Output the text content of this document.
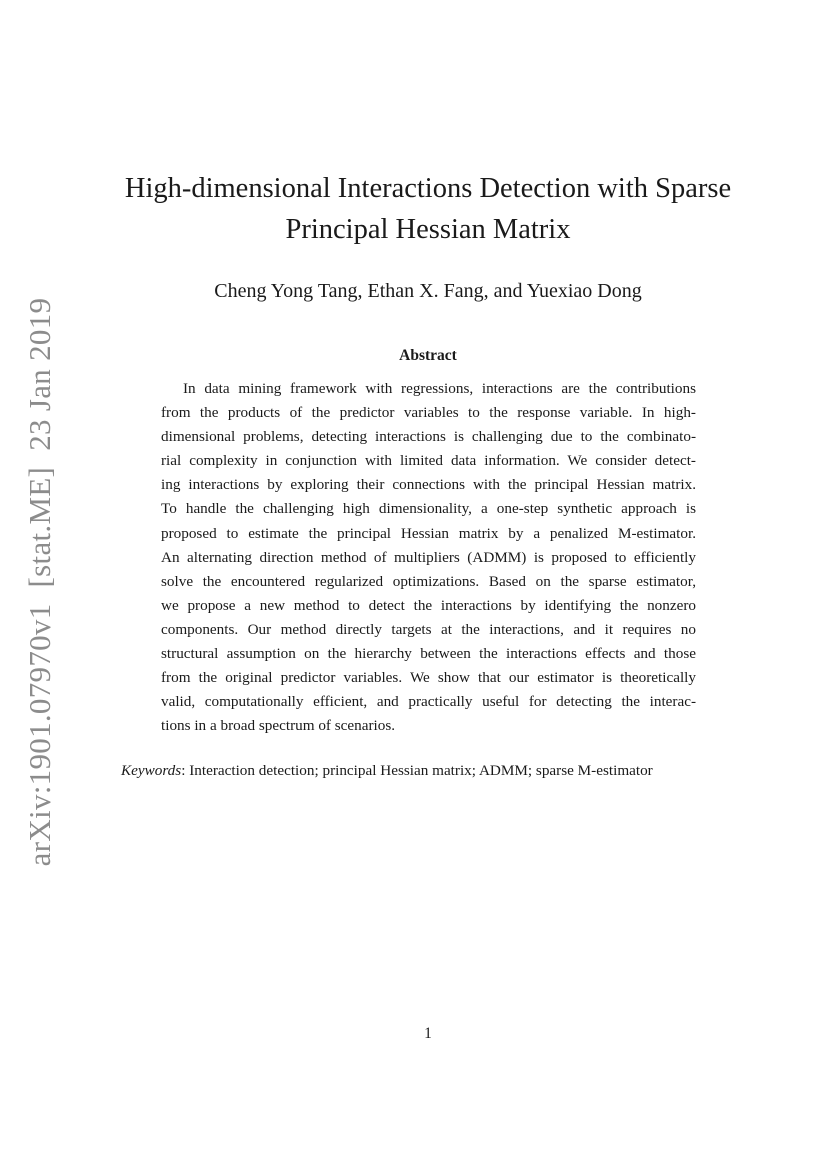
arXiv:1901.07970v1[stat.ME]23 Jan 2019
High-dimensional Interactions Detection with Sparse
Principal Hessian Matrix
Cheng Yong Tang, Ethan X. Fang, and Yuexiao Dong
Abstract
In data mining framework with regressions, interactions are the contributions
from the products of the predictor variables to the response variable. In high-
dimensional problems, detecting interactions is challenging due to the combinato-
rial complexity in conjunction with limited data information. We consider detect-
ing interactions by exploring their connections with the principal Hessian matrix.
To handle the challenging high dimensionality, a one-step synthetic approach is
proposed to estimate the principal Hessian matrix by a penalized M-estimator.
An alternating direction method of multipliers (ADMM) is proposed to efficiently
solve the encountered regularized optimizations. Based on the sparse estimator,
we propose a new method to detect the interactions by identifying the nonzero
components. Our method directly targets at the interactions, and it requires no
structural assumption on the hierarchy between the interactions effects and those
from the original predictor variables. We show that our estimator is theoretically
valid, computationally efficient, and practically useful for detecting the interac-
tions in a broad spectrum of scenarios.
Keywords: Interaction detection; principal Hessian matrix; ADMM; sparse M-estimator
1
